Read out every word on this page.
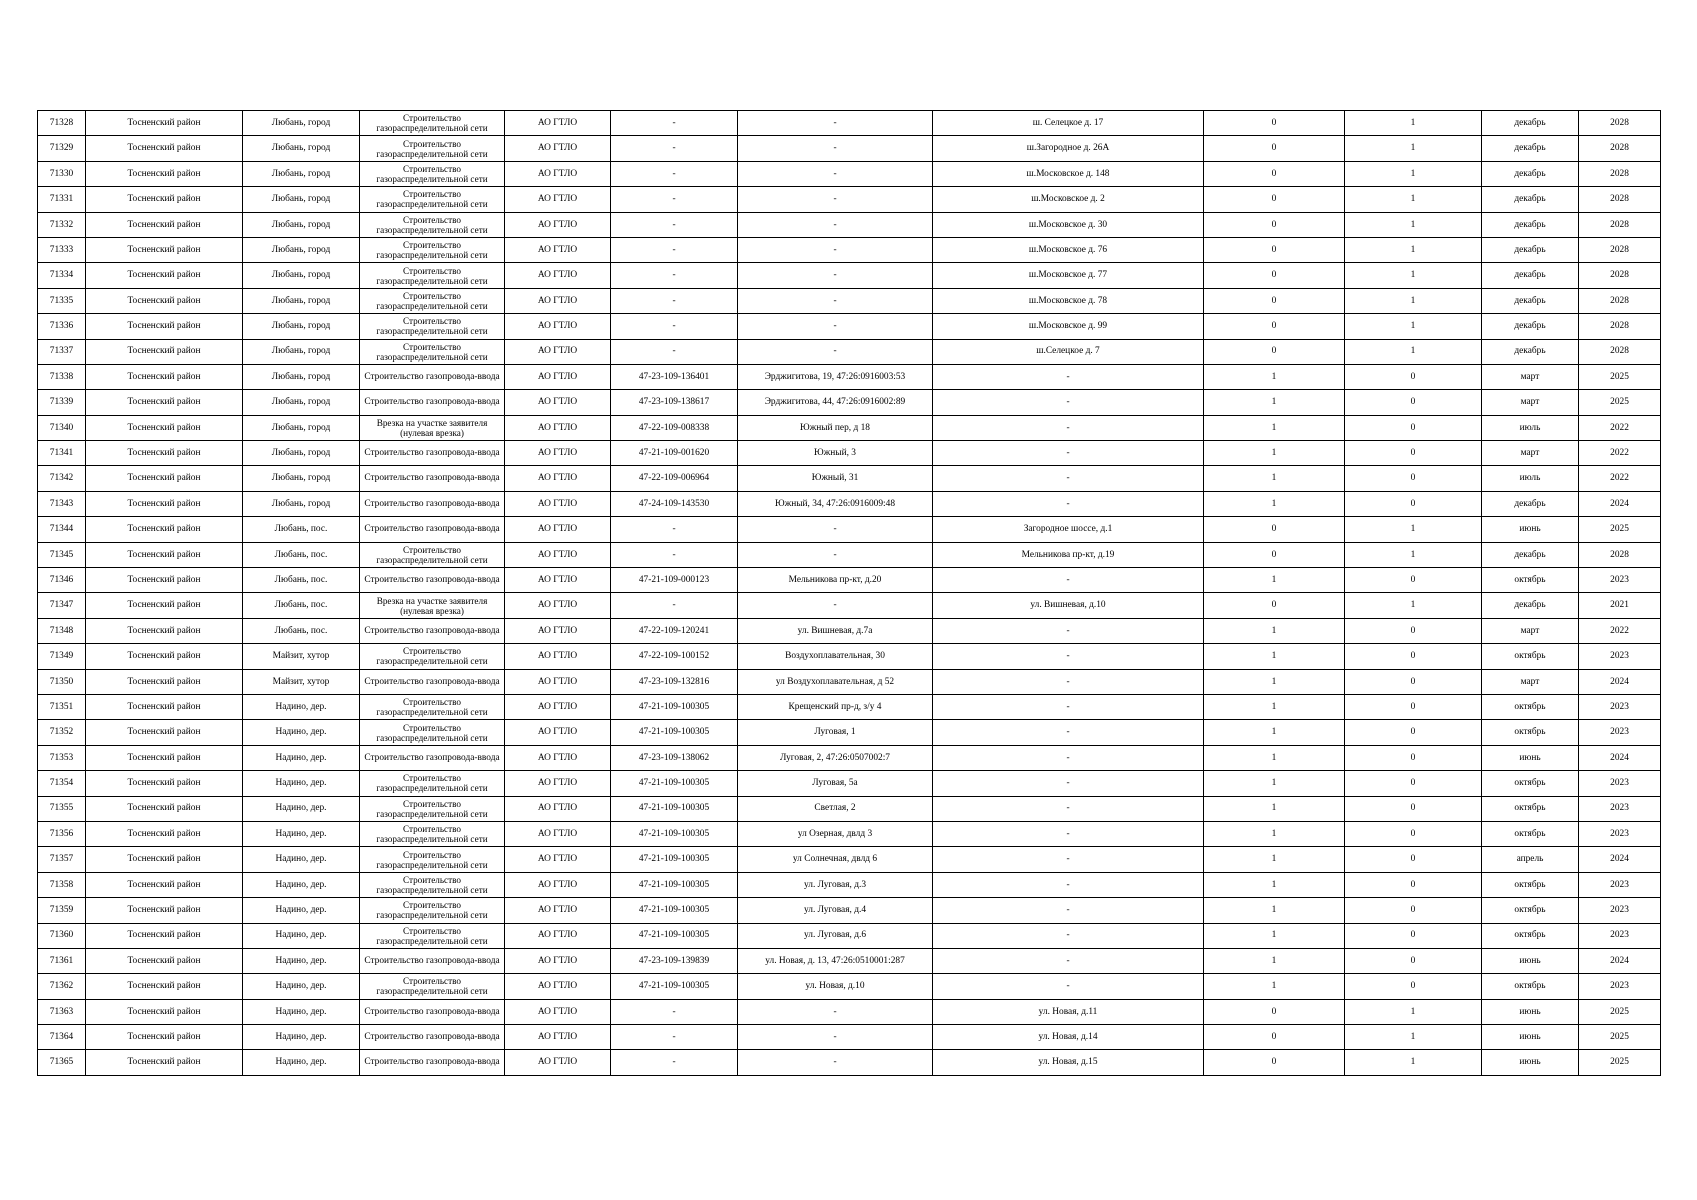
71328	Тосненский район	Любань, город	Строительство газораспределительной сети	АО ГТЛО	-	-	ш. Селецкое д. 17	0	1	декабрь	2028
71329	Тосненский район	Любань, город	Строительство газораспределительной сети	АО ГТЛО	-	-	ш.Загородное д. 26А	0	1	декабрь	2028
71330	Тосненский район	Любань, город	Строительство газораспределительной сети	АО ГТЛО	-	-	ш.Московское д. 148	0	1	декабрь	2028
71331	Тосненский район	Любань, город	Строительство газораспределительной сети	АО ГТЛО	-	-	ш.Московское д. 2	0	1	декабрь	2028
71332	Тосненский район	Любань, город	Строительство газораспределительной сети	АО ГТЛО	-	-	ш.Московское д. 30	0	1	декабрь	2028
71333	Тосненский район	Любань, город	Строительство газораспределительной сети	АО ГТЛО	-	-	ш.Московское д. 76	0	1	декабрь	2028
71334	Тосненский район	Любань, город	Строительство газораспределительной сети	АО ГТЛО	-	-	ш.Московское д. 77	0	1	декабрь	2028
71335	Тосненский район	Любань, город	Строительство газораспределительной сети	АО ГТЛО	-	-	ш.Московское д. 78	0	1	декабрь	2028
71336	Тосненский район	Любань, город	Строительство газораспределительной сети	АО ГТЛО	-	-	ш.Московское д. 99	0	1	декабрь	2028
71337	Тосненский район	Любань, город	Строительство газораспределительной сети	АО ГТЛО	-	-	ш.Селецкое д. 7	0	1	декабрь	2028
71338	Тосненский район	Любань, город	Строительство газопровода-ввода	АО ГТЛО	47-23-109-136401	Эрджигитова, 19, 47:26:0916003:53	-	1	0	март	2025
71339	Тосненский район	Любань, город	Строительство газопровода-ввода	АО ГТЛО	47-23-109-138617	Эрджигитова, 44, 47:26:0916002:89	-	1	0	март	2025
71340	Тосненский район	Любань, город	Врезка на участке заявителя (нулевая врезка)	АО ГТЛО	47-22-109-008338	Южный пер, д 18	-	1	0	июль	2022
71341	Тосненский район	Любань, город	Строительство газопровода-ввода	АО ГТЛО	47-21-109-001620	Южный, 3	-	1	0	март	2022
71342	Тосненский район	Любань, город	Строительство газопровода-ввода	АО ГТЛО	47-22-109-006964	Южный, 31	-	1	0	июль	2022
71343	Тосненский район	Любань, город	Строительство газопровода-ввода	АО ГТЛО	47-24-109-143530	Южный, 34, 47:26:0916009:48	-	1	0	декабрь	2024
71344	Тосненский район	Любань, пос.	Строительство газопровода-ввода	АО ГТЛО	-	-	Загородное шоссе, д.1	0	1	июнь	2025
71345	Тосненский район	Любань, пос.	Строительство газораспределительной сети	АО ГТЛО	-	-	Мельникова пр-кт, д.19	0	1	декабрь	2028
71346	Тосненский район	Любань, пос.	Строительство газопровода-ввода	АО ГТЛО	47-21-109-000123	Мельникова пр-кт, д.20	-	1	0	октябрь	2023
71347	Тосненский район	Любань, пос.	Врезка на участке заявителя (нулевая врезка)	АО ГТЛО	-	-	ул. Вишневая, д.10	0	1	декабрь	2021
71348	Тосненский район	Любань, пос.	Строительство газопровода-ввода	АО ГТЛО	47-22-109-120241	ул. Вишневая, д.7а	-	1	0	март	2022
71349	Тосненский район	Майзит, хутор	Строительство газораспределительной сети	АО ГТЛО	47-22-109-100152	Воздухоплавательная, 30	-	1	0	октябрь	2023
71350	Тосненский район	Майзит, хутор	Строительство газопровода-ввода	АО ГТЛО	47-23-109-132816	ул Воздухоплавательная, д 52	-	1	0	март	2024
71351	Тосненский район	Надино, дер.	Строительство газораспределительной сети	АО ГТЛО	47-21-109-100305	Крещенский пр-д, з/у 4	-	1	0	октябрь	2023
71352	Тосненский район	Надино, дер.	Строительство газораспределительной сети	АО ГТЛО	47-21-109-100305	Луговая, 1	-	1	0	октябрь	2023
71353	Тосненский район	Надино, дер.	Строительство газопровода-ввода	АО ГТЛО	47-23-109-138062	Луговая, 2, 47:26:0507002:7	-	1	0	июнь	2024
71354	Тосненский район	Надино, дер.	Строительство газораспределительной сети	АО ГТЛО	47-21-109-100305	Луговая, 5а	-	1	0	октябрь	2023
71355	Тосненский район	Надино, дер.	Строительство газораспределительной сети	АО ГТЛО	47-21-109-100305	Светлая, 2	-	1	0	октябрь	2023
71356	Тосненский район	Надино, дер.	Строительство газораспределительной сети	АО ГТЛО	47-21-109-100305	ул Озерная, двлд 3	-	1	0	октябрь	2023
71357	Тосненский район	Надино, дер.	Строительство газораспределительной сети	АО ГТЛО	47-21-109-100305	ул Солнечная, двлд 6	-	1	0	апрель	2024
71358	Тосненский район	Надино, дер.	Строительство газораспределительной сети	АО ГТЛО	47-21-109-100305	ул. Луговая, д.3	-	1	0	октябрь	2023
71359	Тосненский район	Надино, дер.	Строительство газораспределительной сети	АО ГТЛО	47-21-109-100305	ул. Луговая, д.4	-	1	0	октябрь	2023
71360	Тосненский район	Надино, дер.	Строительство газораспределительной сети	АО ГТЛО	47-21-109-100305	ул. Луговая, д.6	-	1	0	октябрь	2023
71361	Тосненский район	Надино, дер.	Строительство газопровода-ввода	АО ГТЛО	47-23-109-139839	ул. Новая, д. 13, 47:26:0510001:287	-	1	0	июнь	2024
71362	Тосненский район	Надино, дер.	Строительство газораспределительной сети	АО ГТЛО	47-21-109-100305	ул. Новая, д.10	-	1	0	октябрь	2023
71363	Тосненский район	Надино, дер.	Строительство газопровода-ввода	АО ГТЛО	-	-	ул. Новая, д.11	0	1	июнь	2025
71364	Тосненский район	Надино, дер.	Строительство газопровода-ввода	АО ГТЛО	-	-	ул. Новая, д.14	0	1	июнь	2025
71365	Тосненский район	Надино, дер.	Строительство газопровода-ввода	АО ГТЛО	-	-	ул. Новая, д.15	0	1	июнь	2025
